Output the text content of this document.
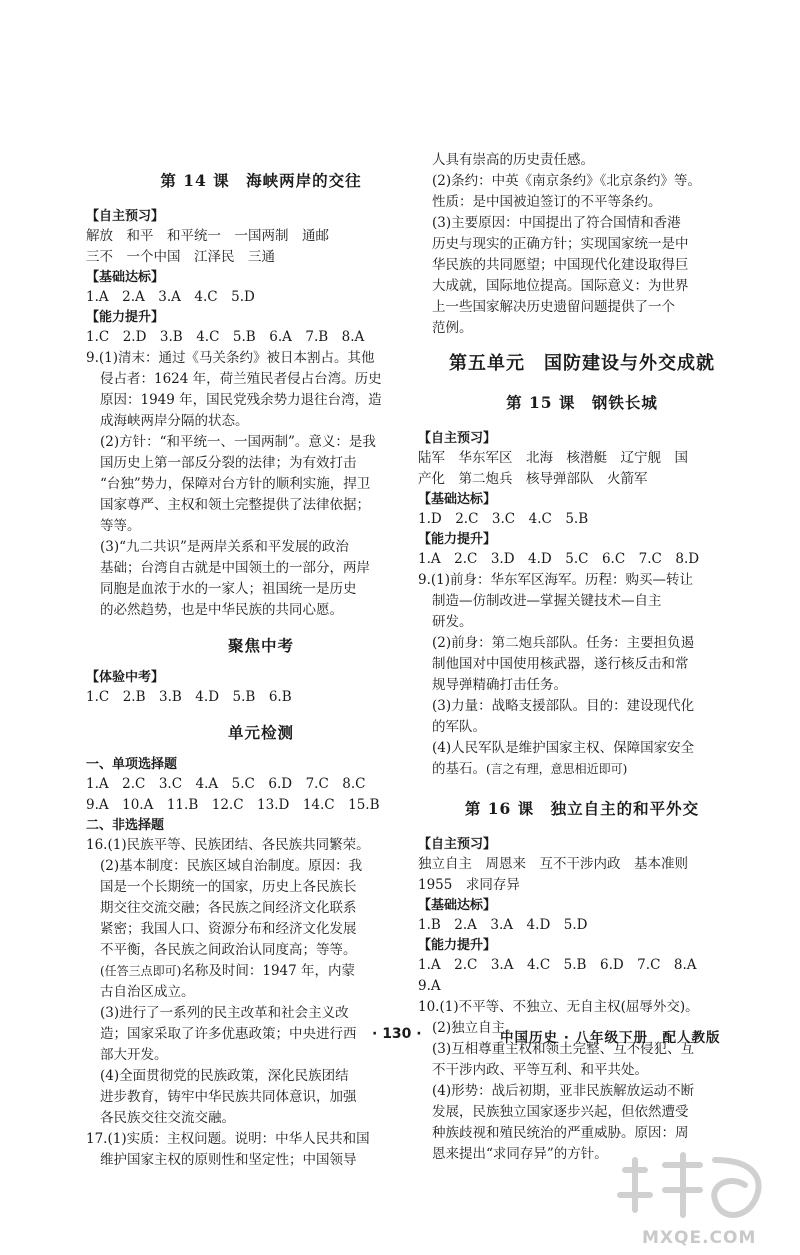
第 14 课　海峡两岸的交往
【自主预习】
解放　和平　和平统一　一国两制　通邮
三不　一个中国　江泽民　三通
【基础达标】
1.A　2.A　3.A　4.C　5.D
【能力提升】
1.C　2.D　3.B　4.C　5.B　6.A　7.B　8.A
9.(1)清末：通过《马关条约》被日本割占。其他
侵占者：1624 年，荷兰殖民者侵占台湾。历史
原因：1949 年，国民党残余势力退往台湾，造
成海峡两岸分隔的状态。
(2)方针：“和平统一、一国两制”。意义：是我
国历史上第一部反分裂的法律；为有效打击
“台独”势力，保障对台方针的顺利实施，捍卫
国家尊严、主权和领土完整提供了法律依据；
等等。
(3)“九二共识”是两岸关系和平发展的政治
基础；台湾自古就是中国领土的一部分，两岸
同胞是血浓于水的一家人；祖国统一是历史
的必然趋势，也是中华民族的共同心愿。
聚焦中考
【体验中考】
1.C　2.B　3.B　4.D　5.B　6.B
单元检测
一、单项选择题
1.A　2.C　3.C　4.A　5.C　6.D　7.C　8.C
9.A　10.A　11.B　12.C　13.D　14.C　15.B
二、非选择题
16.(1)民族平等、民族团结、各民族共同繁荣。
(2)基本制度：民族区域自治制度。原因：我
国是一个长期统一的国家，历史上各民族长
期交往交流交融；各民族之间经济文化联系
紧密；我国人口、资源分布和经济文化发展
不平衡，各民族之间政治认同度高；等等。
(任答三点即可)名称及时间：1947 年，内蒙
古自治区成立。
(3)进行了一系列的民主改革和社会主义改
造；国家采取了许多优惠政策；中央进行西
部大开发。
(4)全面贯彻党的民族政策，深化民族团结
进步教育，铸牢中华民族共同体意识，加强
各民族交往交流交融。
17.(1)实质：主权问题。说明：中华人民共和国
维护国家主权的原则性和坚定性；中国领导
人具有崇高的历史责任感。
(2)条约：中英《南京条约》《北京条约》等。
性质：是中国被迫签订的不平等条约。
(3)主要原因：中国提出了符合国情和香港
历史与现实的正确方针；实现国家统一是中
华民族的共同愿望；中国现代化建设取得巨
大成就，国际地位提高。国际意义：为世界
上一些国家解决历史遗留问题提供了一个
范例。
第五单元　国防建设与外交成就
第 15 课　钢铁长城
【自主预习】
陆军　华东军区　北海　核潜艇　辽宁舰　国
产化　第二炮兵　核导弹部队　火箭军
【基础达标】
1.D　2.C　3.C　4.C　5.B
【能力提升】
1.A　2.C　3.D　4.D　5.C　6.C　7.C　8.D
9.(1)前身：华东军区海军。历程：购买—转让
制造—仿制改进—掌握关键技术—自主
研发。
(2)前身：第二炮兵部队。任务：主要担负遏
制他国对中国使用核武器，遂行核反击和常
规导弹精确打击任务。
(3)力量：战略支援部队。目的：建设现代化
的军队。
(4)人民军队是维护国家主权、保障国家安全
的基石。(言之有理，意思相近即可)
第 16 课　独立自主的和平外交
【自主预习】
独立自主　周恩来　互不干涉内政　基本准则
1955　求同存异
【基础达标】
1.B　2.A　3.A　4.D　5.D
【能力提升】
1.A　2.C　3.A　4.C　5.B　6.D　7.C　8.A
9.A
10.(1)不平等、不独立、无自主权(屈辱外交)。
(2)独立自主。
(3)互相尊重主权和领土完整、互不侵犯、互
不干涉内政、平等互利、和平共处。
(4)形势：战后初期，亚非民族解放运动不断
发展，民族独立国家逐步兴起，但依然遭受
种族歧视和殖民统治的严重威胁。原因：周
恩来提出“求同存异”的方针。
· 130 ·	中国历史 · 八年级下册　配人教版
MXQE.COM
